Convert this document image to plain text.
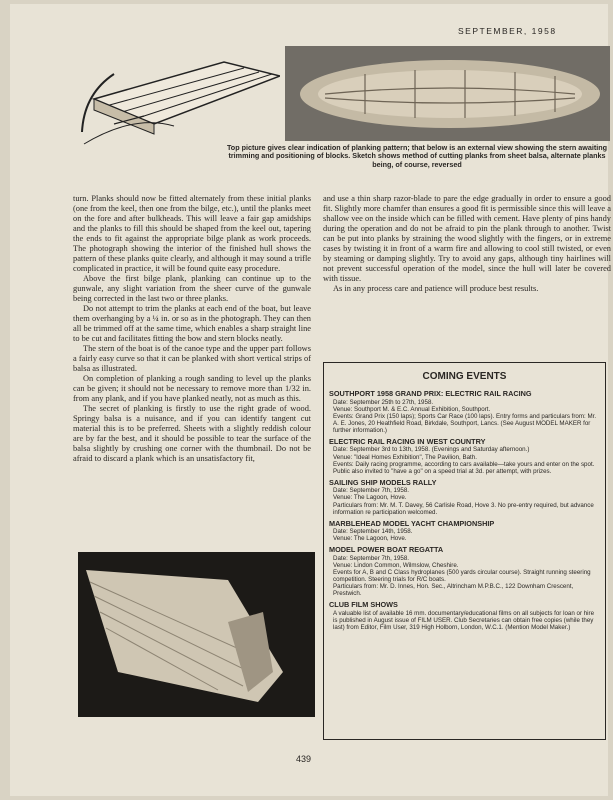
SEPTEMBER, 1958
Top picture gives clear indication of planking pattern; that below is an external view showing the stern awaiting trimming and positioning of blocks. Sketch shows method of cutting planks from sheet balsa, alternate planks being, of course, reversed

turn. Planks should now be fitted alternately from these initial planks (one from the keel, then one from the bilge, etc.), until the planks meet on the fore and after bulkheads. This will leave a fair gap amidships and the planks to fill this should be shaped from the keel out, tapering the ends to fit against the appropriate bilge plank as work proceeds. The photograph showing the interior of the finished hull shows the pattern of these planks quite clearly, and although it may sound a trifle complicated in practice, it will be found quite easy procedure.

Above the first bilge plank, planking can continue up to the gunwale, any slight variation from the sheer curve of the gunwale being corrected in the last two or three planks.

Do not attempt to trim the planks at each end of the boat, but leave them overhanging by a ¼ in. or so as in the photograph. They can then all be trimmed off at the same time, which enables a sharp straight line to be cut and facilitates fitting the bow and stern blocks neatly.

The stern of the boat is of the canoe type and the upper part follows a fairly easy curve so that it can be planked with short vertical strips of balsa as illustrated.

On completion of planking a rough sanding to level up the planks can be given; it should not be necessary to remove more than 1/32 in. from any plank, and if you have planked neatly, not as much as this.

The secret of planking is firstly to use the right grade of wood. Springy balsa is a nuisance, and if you can identify tangent cut material this is to be preferred. Sheets with a slightly reddish colour are by far the best, and it should be possible to tear the surface of the balsa slightly by crushing one corner with the thumbnail. Do not be afraid to discard a plank which is an unsatisfactory fit,

and use a thin sharp razor-blade to pare the edge gradually in order to ensure a good fit. Slightly more chamfer than ensures a good fit is permissible since this will leave a shallow vee on the inside which can be filled with cement. Have plenty of pins handy during the operation and do not be afraid to pin the plank through to another. Twist can be put into planks by straining the wood slightly with the fingers, or in extreme cases by twisting it in front of a warm fire and allowing to cool still twisted, or even by steaming or damping slightly. Try to avoid any gaps, although tiny hairlines will not prevent successful operation of the model, since the hull will later be covered with tissue.

As in any process care and patience will produce best results.

COMING EVENTS
SOUTHPORT 1958 GRAND PRIX: ELECTRIC RAIL RACING
Date: September 25th to 27th, 1958.
Venue: Southport M. & E.C. Annual Exhibition, Southport.
Events: Grand Prix (150 laps); Sports Car Race (100 laps). Entry forms and particulars from: Mr. A. E. Jones, 20 Heathfield Road, Birkdale, Southport, Lancs. (See August MODEL MAKER for further information.)
ELECTRIC RAIL RACING IN WEST COUNTRY
Date: September 3rd to 13th, 1958. (Evenings and Saturday afternoon.)
Venue: "Ideal Homes Exhibition", The Pavilion, Bath.
Events: Daily racing programme, according to cars available—take yours and enter on the spot. Public also invited to "have a go" on a speed trial at 3d. per attempt, with prizes.
SAILING SHIP MODELS RALLY
Date: September 7th, 1958.
Venue: The Lagoon, Hove.
Particulars from: Mr. M. T. Davey, 56 Carlisle Road, Hove 3. No pre-entry required, but advance information re participation welcomed.
MARBLEHEAD MODEL YACHT CHAMPIONSHIP
Date: September 14th, 1958.
Venue: The Lagoon, Hove.
MODEL POWER BOAT REGATTA
Date: September 7th, 1958.
Venue: Lindon Common, Wilmslow, Cheshire.
Events for A, B and C Class hydroplanes (500 yards circular course). Straight running steering competition. Steering trials for R/C boats.
Particulars from: Mr. D. Innes, Hon. Sec., Altrincham M.P.B.C., 122 Downham Crescent, Prestwich.
CLUB FILM SHOWS
A valuable list of available 16 mm. documentary/educational films on all subjects for loan or hire is published in August issue of FILM USER. Club Secretaries can obtain free copies (while they last) from Editor, Film User, 319 High Holborn, London, W.C.1. (Mention Model Maker.)
439
